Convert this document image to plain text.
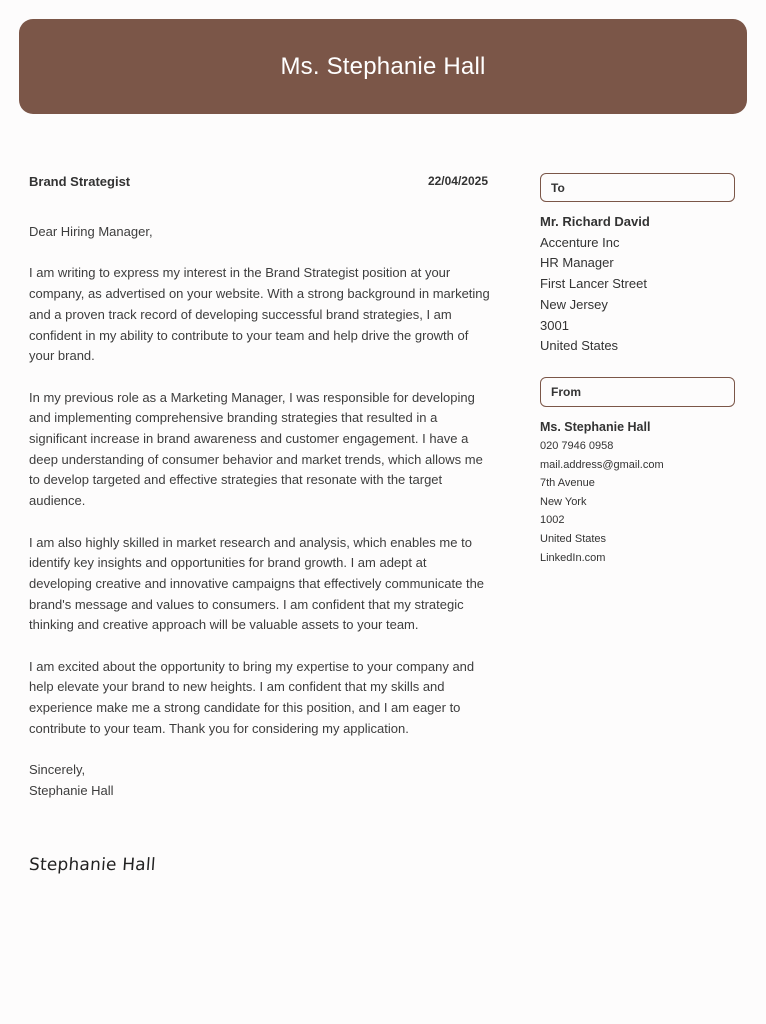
Ms. Stephanie Hall
Brand Strategist	22/04/2025

Dear Hiring Manager,

I am writing to express my interest in the Brand Strategist position at your company, as advertised on your website. With a strong background in marketing and a proven track record of developing successful brand strategies, I am confident in my ability to contribute to your team and help drive the growth of your brand.

In my previous role as a Marketing Manager, I was responsible for developing and implementing comprehensive branding strategies that resulted in a significant increase in brand awareness and customer engagement. I have a deep understanding of consumer behavior and market trends, which allows me to develop targeted and effective strategies that resonate with the target audience.

I am also highly skilled in market research and analysis, which enables me to identify key insights and opportunities for brand growth. I am adept at developing creative and innovative campaigns that effectively communicate the brand's message and values to consumers. I am confident that my strategic thinking and creative approach will be valuable assets to your team.

I am excited about the opportunity to bring my expertise to your company and help elevate your brand to new heights. I am confident that my skills and experience make me a strong candidate for this position, and I am eager to contribute to your team. Thank you for considering my application.

Sincerely,

Stephanie Hall

Stephanie Hall
To
Mr. Richard David
Accenture Inc
HR Manager
First Lancer Street
New Jersey
3001
United States
From
Ms. Stephanie Hall
020 7946 0958
mail.address@gmail.com
7th Avenue
New York
1002
United States
LinkedIn.com
